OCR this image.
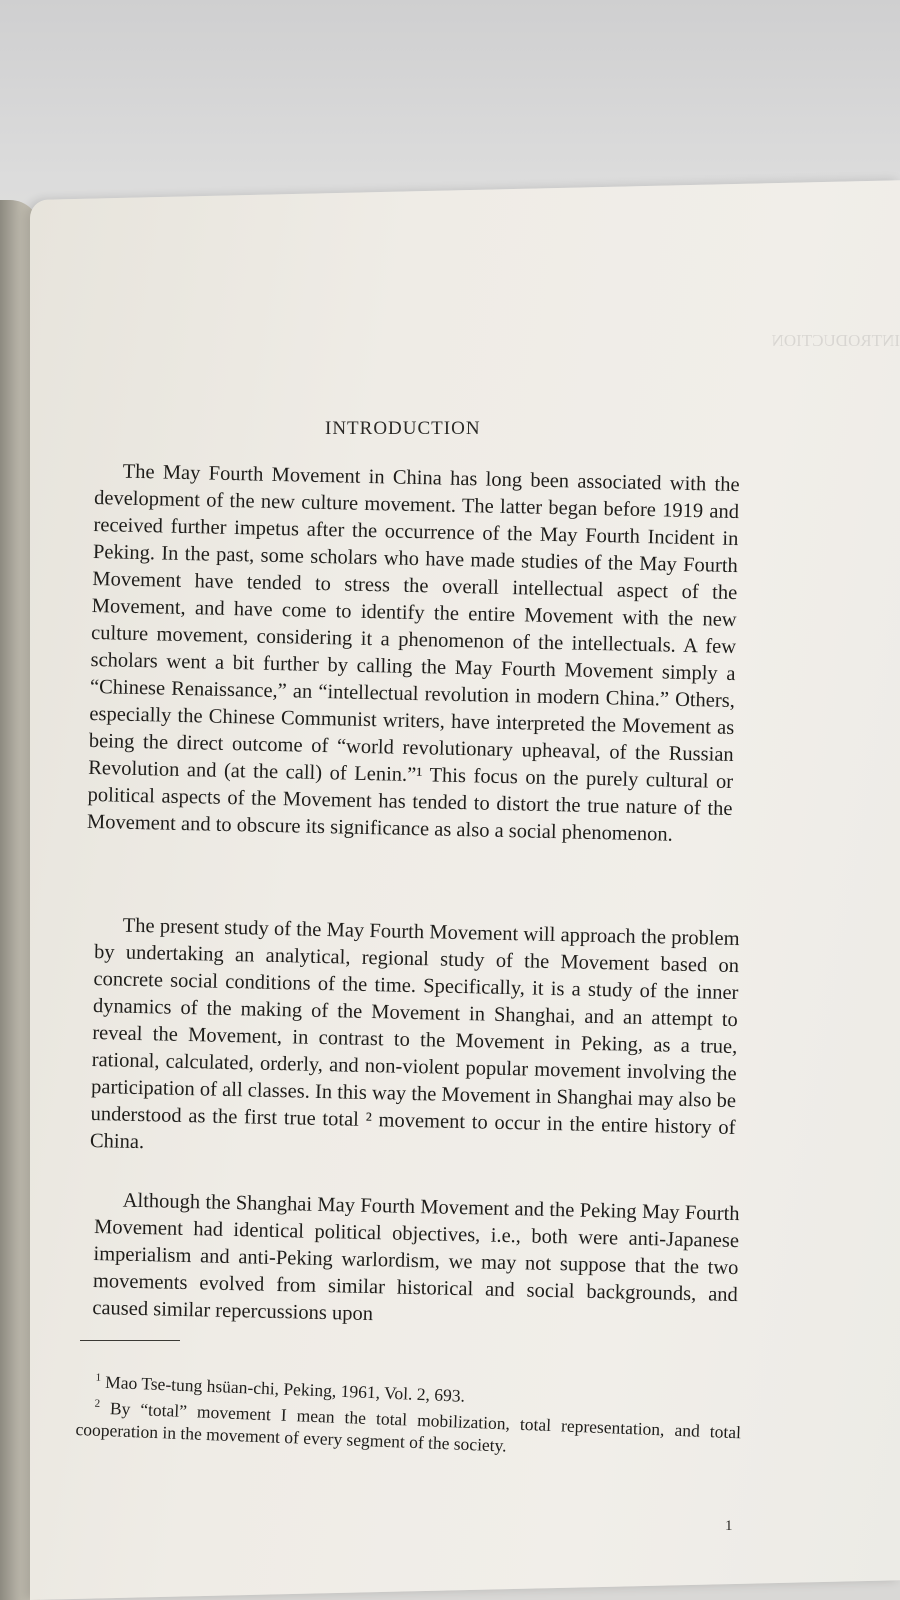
INTRODUCTION
INTRODUCTION

The May Fourth Movement in China has long been associated with the development of the new culture movement. The latter began before 1919 and received further impetus after the occurrence of the May Fourth Incident in Peking. In the past, some scholars who have made studies of the May Fourth Movement have tended to stress the overall intellectual aspect of the Movement, and have come to identify the entire Movement with the new culture movement, considering it a phenomenon of the intellectuals. A few scholars went a bit further by calling the May Fourth Movement simply a “Chinese Renaissance,” an “intellectual revolution in modern China.” Others, especially the Chinese Communist writers, have interpreted the Movement as being the direct outcome of “world revolutionary upheaval, of the Russian Revolution and (at the call) of Lenin.”¹ This focus on the purely cultural or political aspects of the Movement has tended to distort the true nature of the Movement and to obscure its significance as also a social phenomenon.

The present study of the May Fourth Movement will approach the problem by undertaking an analytical, regional study of the Movement based on concrete social conditions of the time. Specifically, it is a study of the inner dynamics of the making of the Movement in Shanghai, and an attempt to reveal the Movement, in contrast to the Movement in Peking, as a true, rational, calculated, orderly, and non-violent popular movement involving the participation of all classes. In this way the Movement in Shanghai may also be understood as the first true total ² movement to occur in the entire history of China.

Although the Shanghai May Fourth Movement and the Peking May Fourth Movement had identical political objectives, i.e., both were anti-Japanese imperialism and anti-Peking warlordism, we may not suppose that the two movements evolved from similar historical and social backgrounds, and caused similar repercussions upon

$^1$ Mao Tse-tung hsüan-chi, Peking, 1961, Vol. 2, 693.

$^2$ By “total” movement I mean the total mobilization, total representation, and total cooperation in the movement of every segment of the society.

1
